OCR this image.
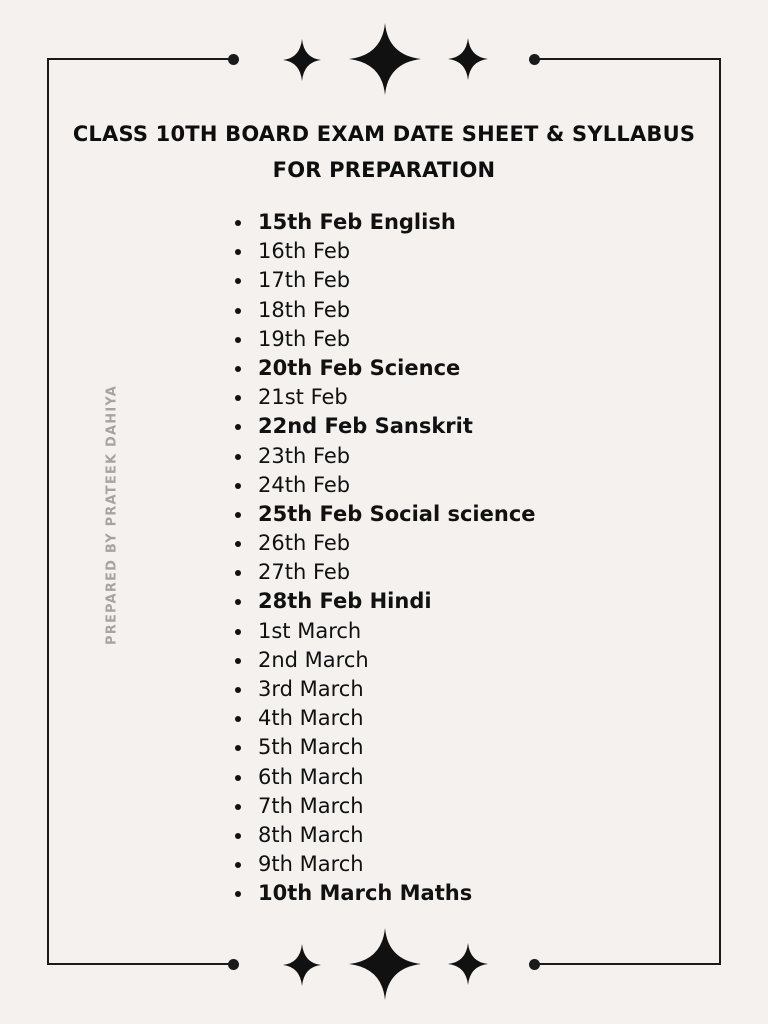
CLASS 10TH BOARD EXAM DATE SHEET & SYLLABUS
FOR PREPARATION
PREPARED BY PRATEEK DAHIYA
15th Feb English
16th Feb
17th Feb
18th Feb
19th Feb
20th Feb Science
21st Feb
22nd Feb Sanskrit
23th Feb
24th Feb
25th Feb Social science
26th Feb
27th Feb
28th Feb Hindi
1st March
2nd March
3rd March
4th March
5th March
6th March
7th March
8th March
9th March
10th March Maths
